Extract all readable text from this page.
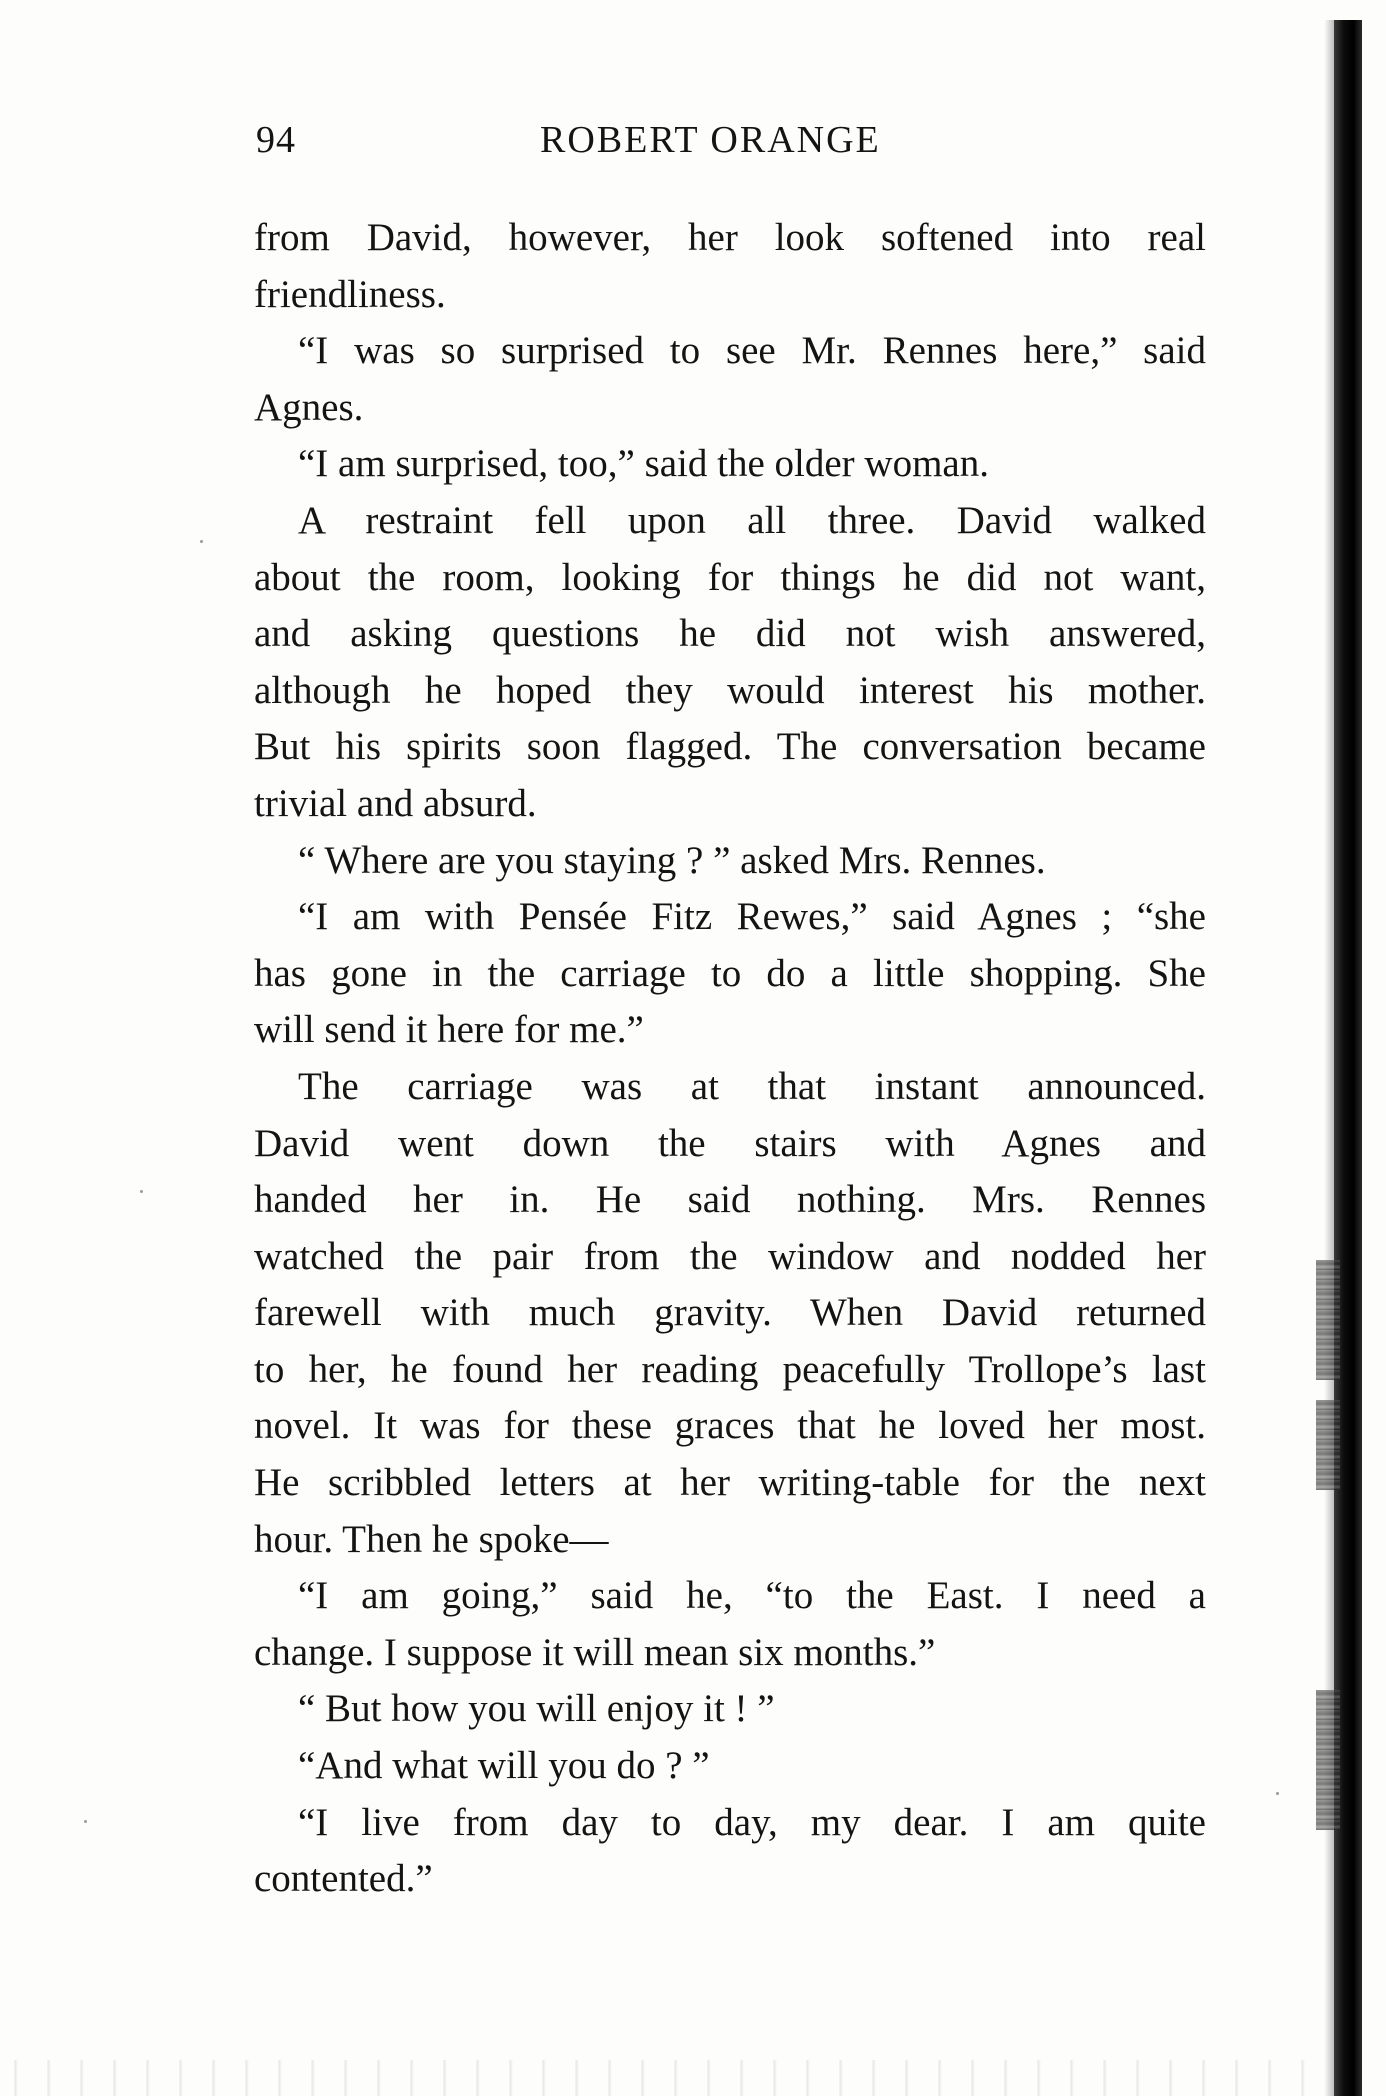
94	ROBERT ORANGE
from David, however, her look softened into real
friendliness.
“I was so surprised to see Mr. Rennes here,” said
Agnes.
“I am surprised, too,” said the older woman.
A restraint fell upon all three. David walked
about the room, looking for things he did not want,
and asking questions he did not wish answered,
although he hoped they would interest his mother.
But his spirits soon flagged. The conversation became
trivial and absurd.
“ Where are you staying ? ” asked Mrs. Rennes.
“I am with Pensée Fitz Rewes,” said Agnes ; “she
has gone in the carriage to do a little shopping. She
will send it here for me.”
The carriage was at that instant announced.
David went down the stairs with Agnes and
handed her in. He said nothing. Mrs. Rennes
watched the pair from the window and nodded her
farewell with much gravity. When David returned
to her, he found her reading peacefully Trollope’s last
novel. It was for these graces that he loved her most.
He scribbled letters at her writing-table for the next
hour. Then he spoke—
“I am going,” said he, “to the East. I need a
change. I suppose it will mean six months.”
“ But how you will enjoy it ! ”
“And what will you do ? ”
“I live from day to day, my dear. I am quite
contented.”
